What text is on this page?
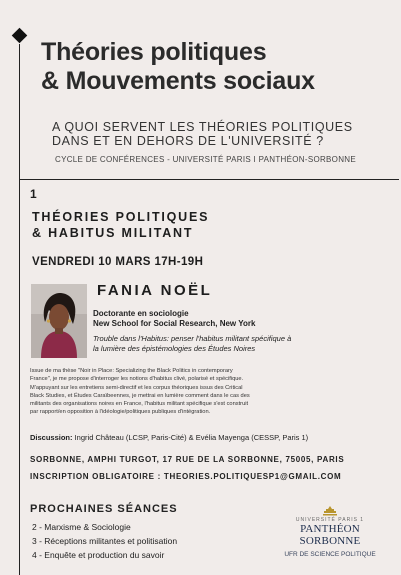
Théories politiques
& Mouvements sociaux
A QUOI SERVENT LES THÉORIES POLITIQUES
DANS ET EN DEHORS DE L'UNIVERSITÉ ?
CYCLE DE CONFÉRENCES - UNIVERSITÉ PARIS I PANTHÉON-SORBONNE
1
THÉORIES POLITIQUES
& HABITUS MILITANT
VENDREDI 10 MARS 17H-19H
FANIA NOËL
Doctorante en sociologie
New School for Social Research, New York
Trouble dans l'Habitus: penser l'habitus militant spécifique à
la lumière des épistémologies des Études Noires
Issue de ma thèse "Noir in Place: Specializing the Black Politics in contemporary
France", je me propose d'interroger les notions d'habitus clivé, polarisé et spécifique.
M'appuyant sur les entretiens semi-directif et les corpus théoriques issus des Critical
Black Studies, et Études Caraïbeennes, je mettrai en lumière comment dans le cas des
militants des organisations noires en France, l'habitus militant spécifique s'est construit
par rapport/en opposition à l'idéologie/politiques publiques d'intégration.
Discussion: Ingrid Château (LCSP, Paris-Cité) & Evélia Mayenga (CESSP, Paris 1)
SORBONNE, AMPHI TURGOT, 17 RUE DE LA SORBONNE, 75005, PARIS
INSCRIPTION OBLIGATOIRE : THEORIES.POLITIQUESP1@GMAIL.COM
PROCHAINES SÉANCES
2 - Marxisme & Sociologie
3 - Réceptions militantes et politisation
4 - Enquête et production du savoir
UNIVERSITÉ PARIS 1
PANTHÉON SORBONNE
UFR DE SCIENCE POLITIQUE
